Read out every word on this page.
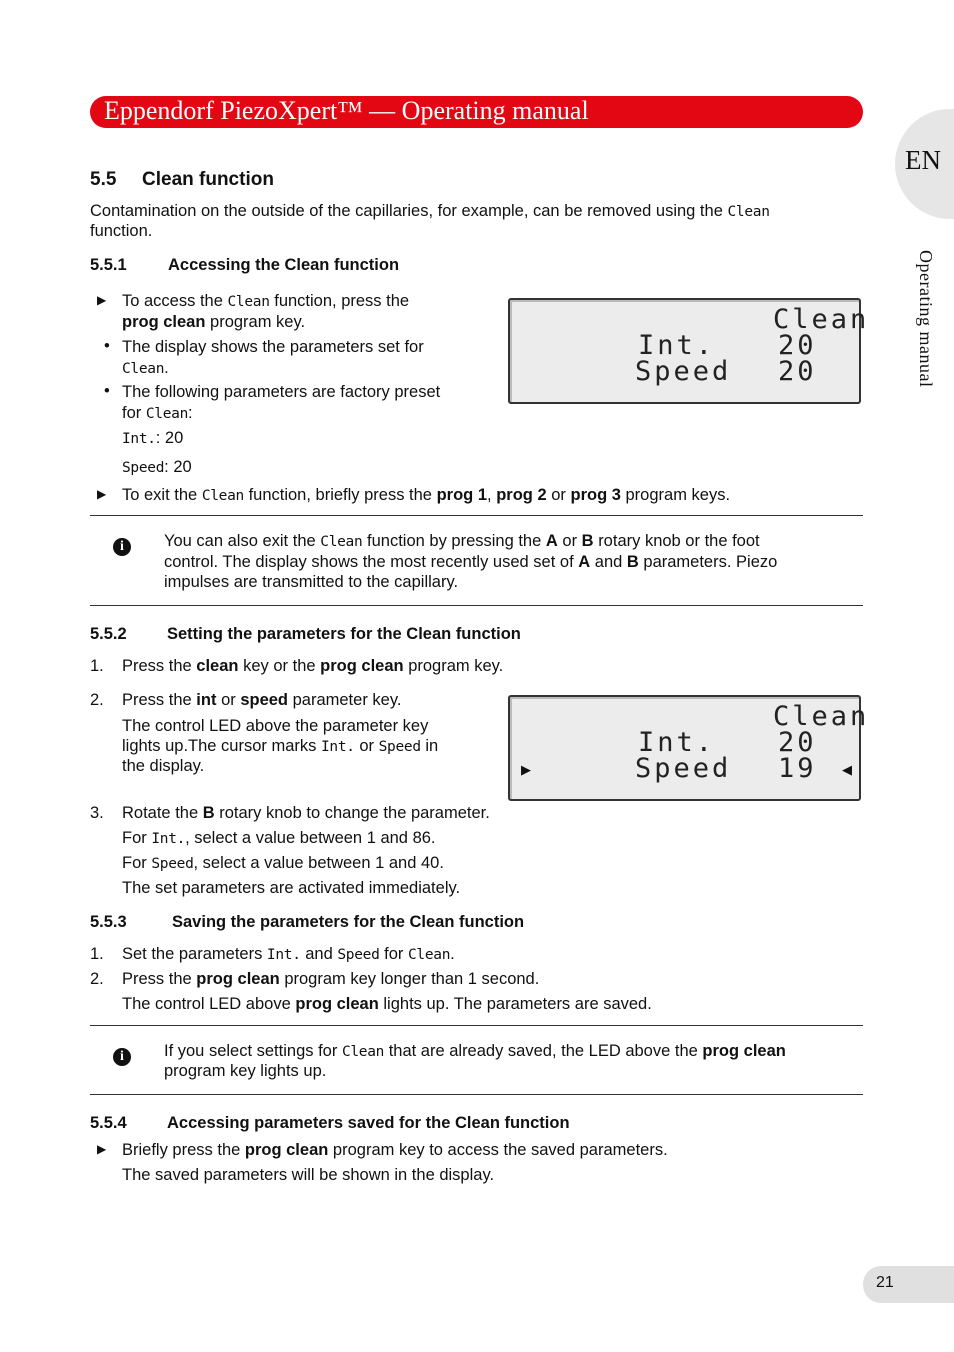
Eppendorf PiezoXpert™ — Operating manual
EN
Operating manual
5.5 Clean function
Contamination on the outside of the capillaries, for example, can be removed using the Clean
function.
5.5.1	Accessing the Clean function
▶ To access the Clean function, press the
prog clean program key.
• The display shows the parameters set for
Clean.
• The following parameters are factory preset
for Clean:
Int.: 20
Speed: 20
Clean
Int. 20
Speed 20
▶ To exit the Clean function, briefly press the prog 1, prog 2 or prog 3 program keys.
i	You can also exit the Clean function by pressing the A or B rotary knob or the foot
control. The display shows the most recently used set of A and B parameters. Piezo
impulses are transmitted to the capillary.
5.5.2 Setting the parameters for the Clean function
1. Press the clean key or the prog clean program key.
2. Press the int or speed parameter key.
The control LED above the parameter key
lights up.The cursor marks Int. or Speed in
the display.
Clean
Int. 20
▶	Speed 19 ◀
3. Rotate the B rotary knob to change the parameter.
For Int., select a value between 1 and 86.
For Speed, select a value between 1 and 40.
The set parameters are activated immediately.
5.5.3	Saving the parameters for the Clean function
1. Set the parameters Int. and Speed for Clean.
2. Press the prog clean program key longer than 1 second.
The control LED above prog clean lights up. The parameters are saved.
i	If you select settings for Clean that are already saved, the LED above the prog clean
program key lights up.
5.5.4 Accessing parameters saved for the Clean function
▶ Briefly press the prog clean program key to access the saved parameters.
The saved parameters will be shown in the display.
21
